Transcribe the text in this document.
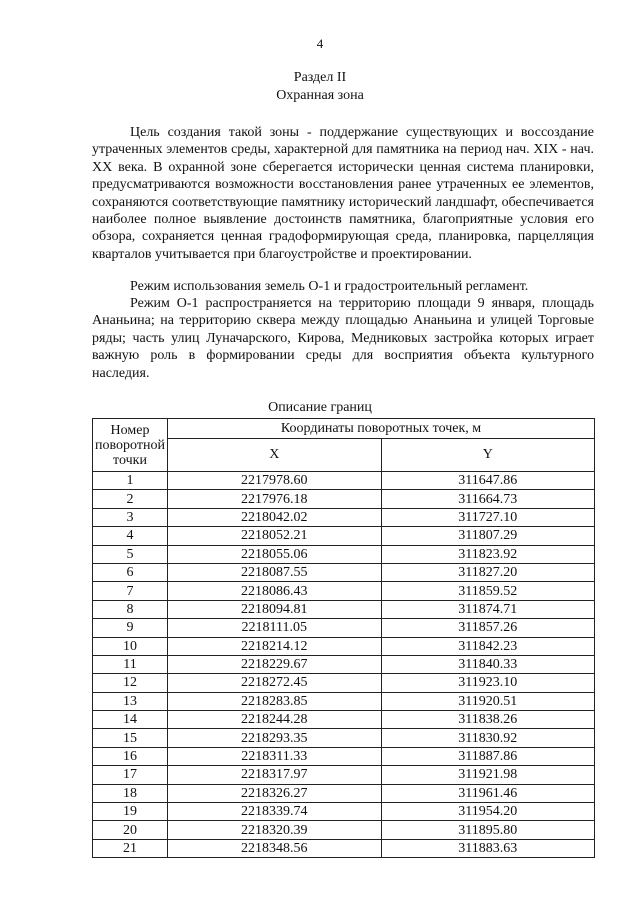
4
Раздел II
Охранная зона

Цель создания такой зоны - поддержание существующих и воссоздание утраченных элементов среды, характерной для памятника на период нач. XIX - нач. XX века. В охранной зоне сберегается исторически ценная система планировки, предусматриваются возможности восстановления ранее утраченных ее элементов, сохраняются соответствующие памятнику исторический ландшафт, обеспечивается наиболее полное выявление достоинств памятника, благоприятные условия его обзора, сохраняется ценная градоформирующая среда, планировка, парцелляция кварталов учитывается при благоустройстве и проектировании.

Режим использования земель О-1 и градостроительный регламент.

Режим О-1 распространяется на территорию площади 9 января, площадь Ананьина; на территорию сквера между площадью Ананьина и улицей Торговые ряды; часть улиц Луначарского, Кирова, Медниковых застройка которых играет важную роль в формировании среды для восприятия объекта культурного наследия.

Описание границ
Номер поворотной точки	Координаты поворотных точек, м	
	X	Y
1	2217978.60	311647.86
2	2217976.18	311664.73
3	2218042.02	311727.10
4	2218052.21	311807.29
5	2218055.06	311823.92
6	2218087.55	311827.20
7	2218086.43	311859.52
8	2218094.81	311874.71
9	2218111.05	311857.26
10	2218214.12	311842.23
11	2218229.67	311840.33
12	2218272.45	311923.10
13	2218283.85	311920.51
14	2218244.28	311838.26
15	2218293.35	311830.92
16	2218311.33	311887.86
17	2218317.97	311921.98
18	2218326.27	311961.46
19	2218339.74	311954.20
20	2218320.39	311895.80
21	2218348.56	311883.63
